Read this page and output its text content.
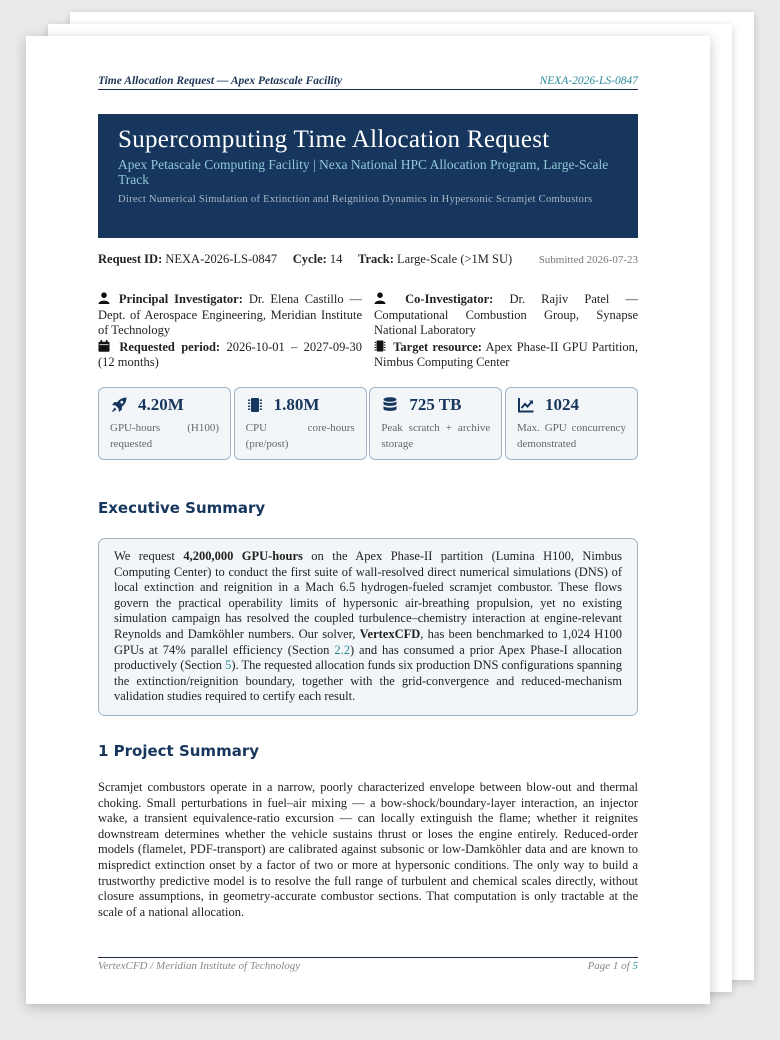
Time Allocation Request — Apex Petascale Facility	NEXA-2026-LS-0847
Supercomputing Time Allocation Request
Apex Petascale Computing Facility | Nexa National HPC Allocation Program, Large-Scale Track
Direct Numerical Simulation of Extinction and Reignition Dynamics in Hypersonic Scramjet Combustors
Submitted 2026-07-23
Request ID: NEXA-2026-LS-0847 Cycle: 14 Track: Large-Scale (>1M SU)
Principal Investigator: Dr. Elena Castillo — Dept. of Aerospace Engineering, Meridian Institute of Technology
Requested period: 2026-10-01 – 2027-09-30 (12 months)
Co-Investigator: Dr. Rajiv Patel — Computational Combustion Group, Synapse National Laboratory
Target resource: Apex Phase-II GPU Partition, Nimbus Computing Center
4.20M
GPU-hours (H100) requested
1.80M
CPU core-hours (pre/post)
725 TB
Peak scratch + archive storage
1024
Max. GPU concurrency demonstrated
Executive Summary
We request 4,200,000 GPU-hours on the Apex Phase-II partition (Lumina H100, Nimbus Computing Center) to conduct the first suite of wall-resolved direct numerical simulations (DNS) of local extinction and reignition in a Mach 6.5 hydrogen-fueled scramjet combustor. These flows govern the practical operability limits of hypersonic air-breathing propulsion, yet no existing simulation campaign has resolved the coupled turbulence–chemistry interaction at engine-relevant Reynolds and Damköhler numbers. Our solver, VertexCFD, has been benchmarked to 1,024 H100 GPUs at 74% parallel efficiency (Section 2.2) and has consumed a prior Apex Phase-I allocation productively (Section 5). The requested allocation funds six production DNS configurations spanning the extinction/reignition boundary, together with the grid-convergence and reduced-mechanism validation studies required to certify each result.
1 Project Summary
Scramjet combustors operate in a narrow, poorly characterized envelope between blow-out and thermal choking. Small perturbations in fuel–air mixing — a bow-shock/boundary-layer interaction, an injector wake, a transient equivalence-ratio excursion — can locally extinguish the flame; whether it reignites downstream determines whether the vehicle sustains thrust or loses the engine entirely. Reduced-order models (flamelet, PDF-transport) are calibrated against subsonic or low-Damköhler data and are known to mispredict extinction onset by a factor of two or more at hypersonic conditions. The only way to build a trustworthy predictive model is to resolve the full range of turbulent and chemical scales directly, without closure assumptions, in geometry-accurate combustor sections. That computation is only tractable at the scale of a national allocation.
VertexCFD / Meridian Institute of Technology	Page 1 of 5
